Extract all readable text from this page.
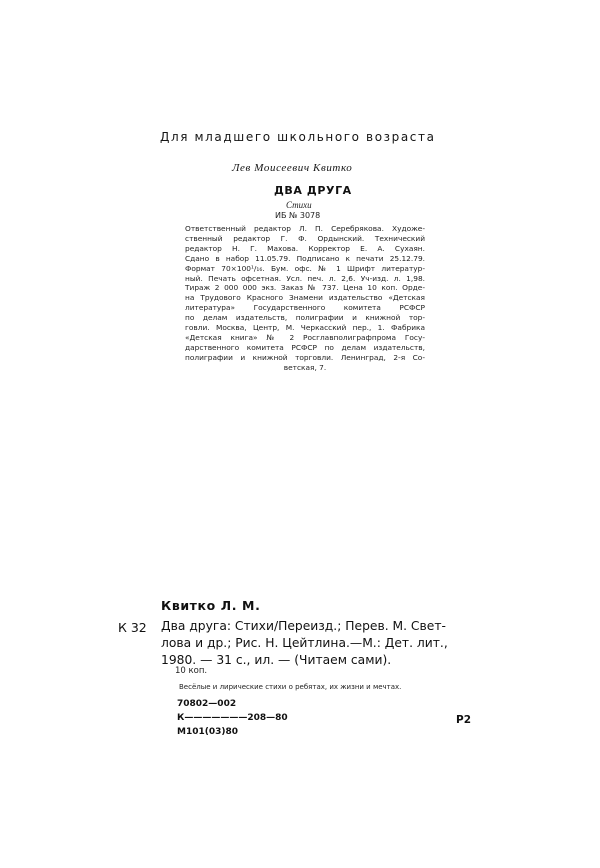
Для младшего школьного возраста
Лев Моисеевич Квитко
ДВА ДРУГА
Стихи
ИБ № 3078
Ответственный редактор Л. П. Серебрякова. Художе-
ственный редактор Г. Ф. Ордынский. Технический
редактор Н. Г. Махова. Корректор Е. А. Сухаян.
Сдано в набор 11.05.79. Подписано к печати 25.12.79.
Формат 70×100¹/₁₆. Бум. офс. № 1 Шрифт литератур-
ный. Печать офсетная. Усл. печ. л. 2,6. Уч-изд. л. 1,98.
Тираж 2 000 000 экз. Заказ № 737. Цена 10 коп. Орде-
на Трудового Красного Знамени издательство «Детская
литература» Государственного комитета РСФСР
по делам издательств, полиграфии и книжной тор-
говли. Москва, Центр, М. Черкасский пер., 1. Фабрика
«Детская книга» № 2 Росглавполиграфпрома Госу-
дарственного комитета РСФСР по делам издательств,
полиграфии и книжной торговли. Ленинград, 2-я Со-
ветская, 7.
Квитко Л. М.
К 32 Два друга: Стихи/Переизд.; Перев. М. Свет-
лова и др.; Рис. Н. Цейтлина.—М.: Дет. лит.,
1980. — 31 с., ил. — (Читаем сами).
10 коп.
Весёлые и лирические стихи о ребятах, их жизни и мечтах.
70802—002
К———————208—80
М101(03)80
Р2
